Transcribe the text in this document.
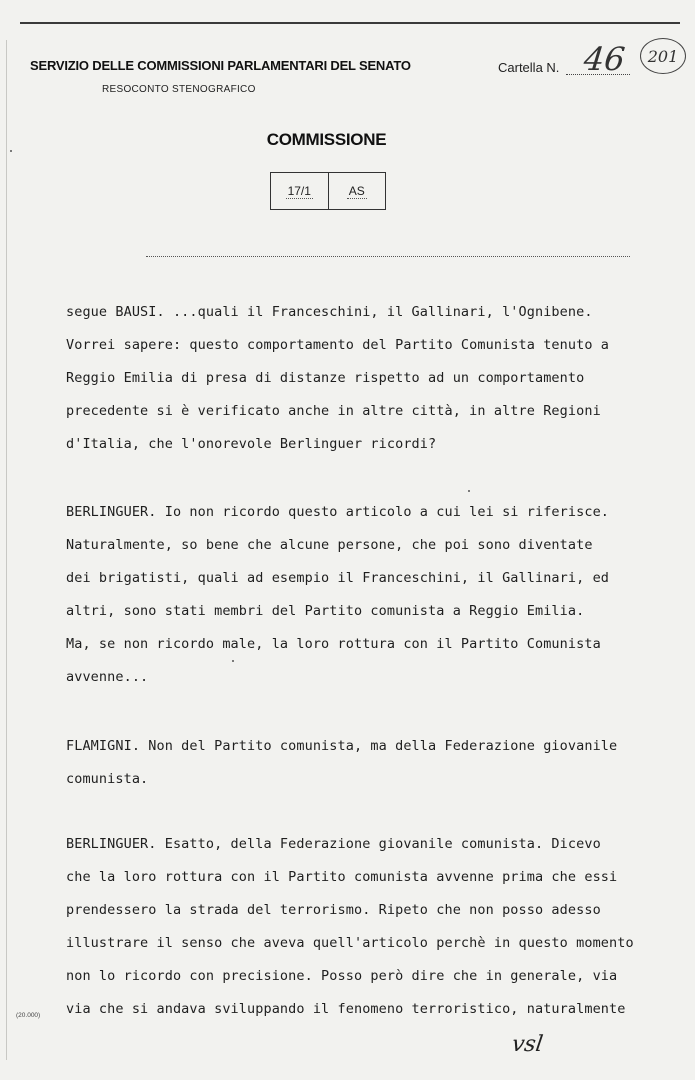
SERVIZIO DELLE COMMISSIONI PARLAMENTARI DEL SENATO
RESOCONTO STENOGRAFICO
Cartella N. 46	201
COMMISSIONE
17/1	AS

segue BAUSI. ...quali il Franceschini, il Gallinari, l'Ognibene.
Vorrei sapere: questo comportamento del Partito Comunista tenuto a
Reggio Emilia di presa di distanze rispetto ad un comportamento
precedente si è verificato anche in altre città, in altre Regioni
d'Italia, che l'onorevole Berlinguer ricordi?

BERLINGUER. Io non ricordo questo articolo a cui lei si riferisce.
Naturalmente, so bene che alcune persone, che poi sono diventate
dei brigatisti, quali ad esempio il Franceschini, il Gallinari, ed
altri, sono stati membri del Partito comunista a Reggio Emilia.
Ma, se non ricordo male, la loro rottura con il Partito Comunista
avvenne...

FLAMIGNI. Non del Partito comunista, ma della Federazione giovanile
comunista.

BERLINGUER. Esatto, della Federazione giovanile comunista. Dicevo
che la loro rottura con il Partito comunista avvenne prima che essi
prendessero la strada del terrorismo. Ripeto che non posso adesso
illustrare il senso che aveva quell'articolo perchè in questo momento
non lo ricordo con precisione. Posso però dire che in generale, via
via che si andava sviluppando il fenomeno terroristico, naturalmente

(20.000)
vsl
